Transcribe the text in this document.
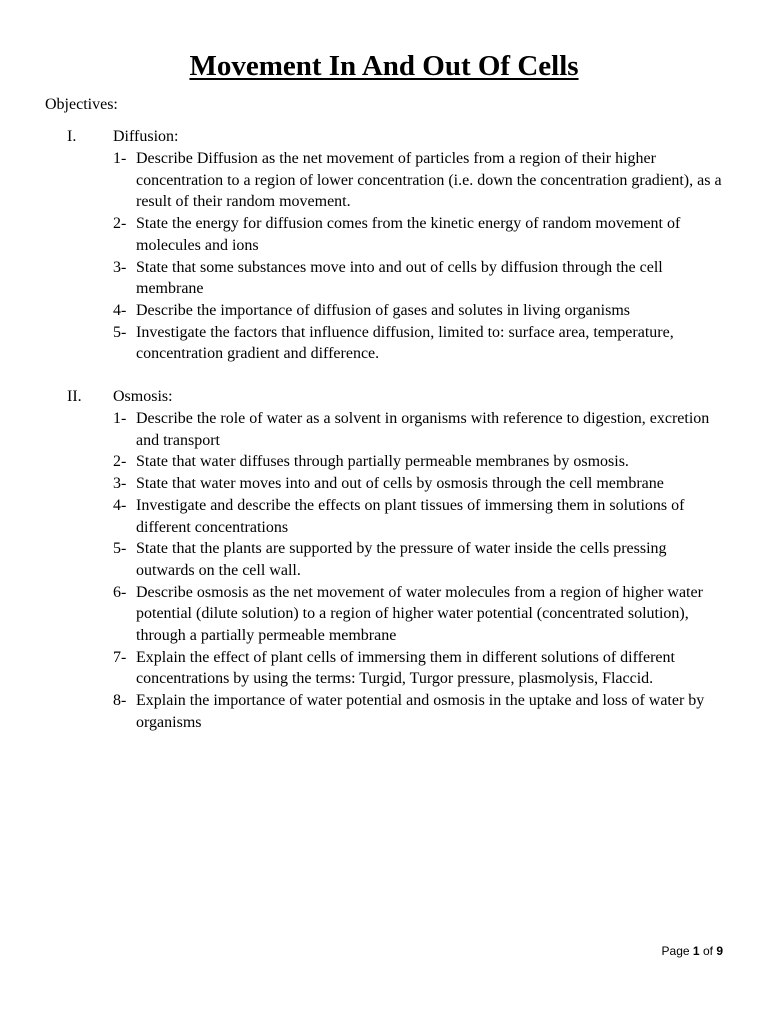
Movement In And Out Of Cells
Objectives:
I. Diffusion:
1- Describe Diffusion as the net movement of particles from a region of their higher concentration to a region of lower concentration (i.e. down the concentration gradient), as a result of their random movement.
2- State the energy for diffusion comes from the kinetic energy of random movement of molecules and ions
3- State that some substances move into and out of cells by diffusion through the cell membrane
4- Describe the importance of diffusion of gases and solutes in living organisms
5- Investigate the factors that influence diffusion, limited to: surface area, temperature, concentration gradient and difference.
II. Osmosis:
1- Describe the role of water as a solvent in organisms with reference to digestion, excretion and transport
2- State that water diffuses through partially permeable membranes by osmosis.
3- State that water moves into and out of cells by osmosis through the cell membrane
4- Investigate and describe the effects on plant tissues of immersing them in solutions of different concentrations
5- State that the plants are supported by the pressure of water inside the cells pressing outwards on the cell wall.
6- Describe osmosis as the net movement of water molecules from a region of higher water potential (dilute solution) to a region of higher water potential (concentrated solution), through a partially permeable membrane
7- Explain the effect of plant cells of immersing them in different solutions of different concentrations by using the terms: Turgid, Turgor pressure, plasmolysis, Flaccid.
8- Explain the importance of water potential and osmosis in the uptake and loss of water by organisms
Page 1 of 9
